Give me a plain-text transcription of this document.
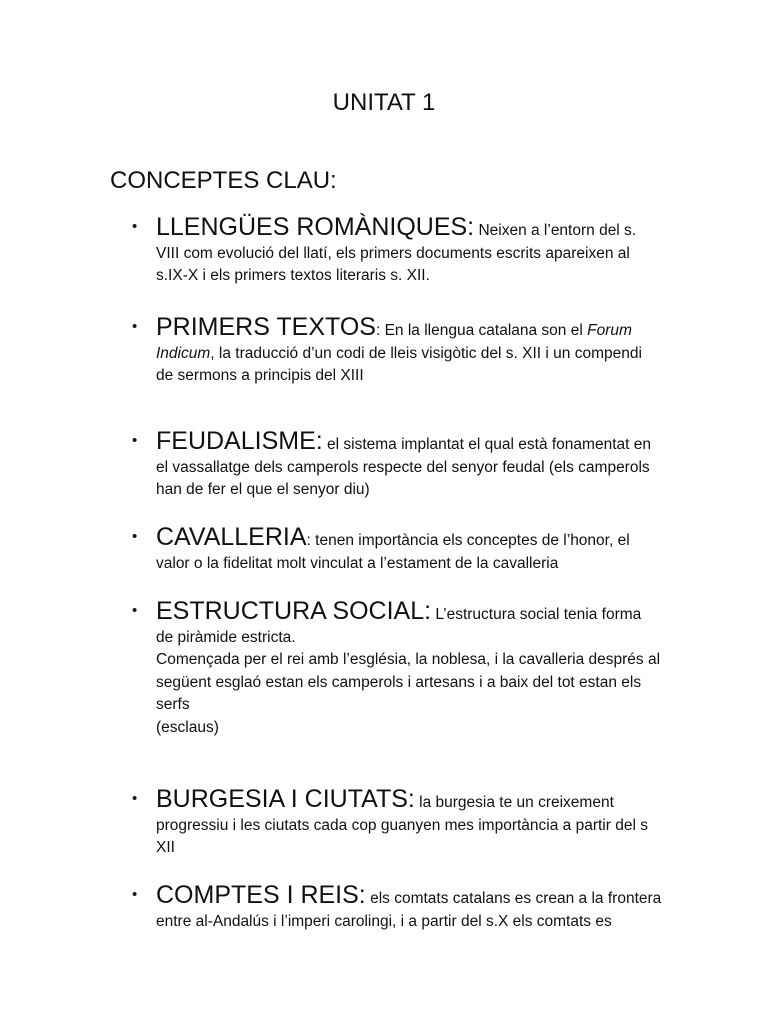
UNITAT 1
CONCEPTES CLAU:
• LLENGÜES ROMÀNIQUES: Neixen a l’entorn del s. VIII com evolució del llatí, els primers documents escrits apareixen al s.IX-X i els primers textos literaris s. XII.
• PRIMERS TEXTOS: En la llengua catalana son el Forum Indicum, la traducció d’un codi de lleis visigòtic del s. XII i un compendi de sermons a principis del XIII
• FEUDALISME: el sistema implantat el qual està fonamentat en el vassallatge dels camperols respecte del senyor feudal (els camperols han de fer el que el senyor diu)
• CAVALLERIA: tenen importància els conceptes de l’honor, el valor o la fidelitat molt vinculat a l’estament de la cavalleria
• ESTRUCTURA SOCIAL: L’estructura social tenia forma de piràmide estricta.
Començada per el rei amb l’església, la noblesa, i la cavalleria després al
següent esglaó estan els camperols i artesans i a baix del tot estan els serfs
(esclaus)
• BURGESIA I CIUTATS: la burgesia te un creixement progressiu i les ciutats cada cop guanyen mes importància a partir del s XII
• COMPTES I REIS: els comtats catalans es crean a la frontera entre al-Andalús i l’imperi carolingi, i a partir del s.X els comtats es
